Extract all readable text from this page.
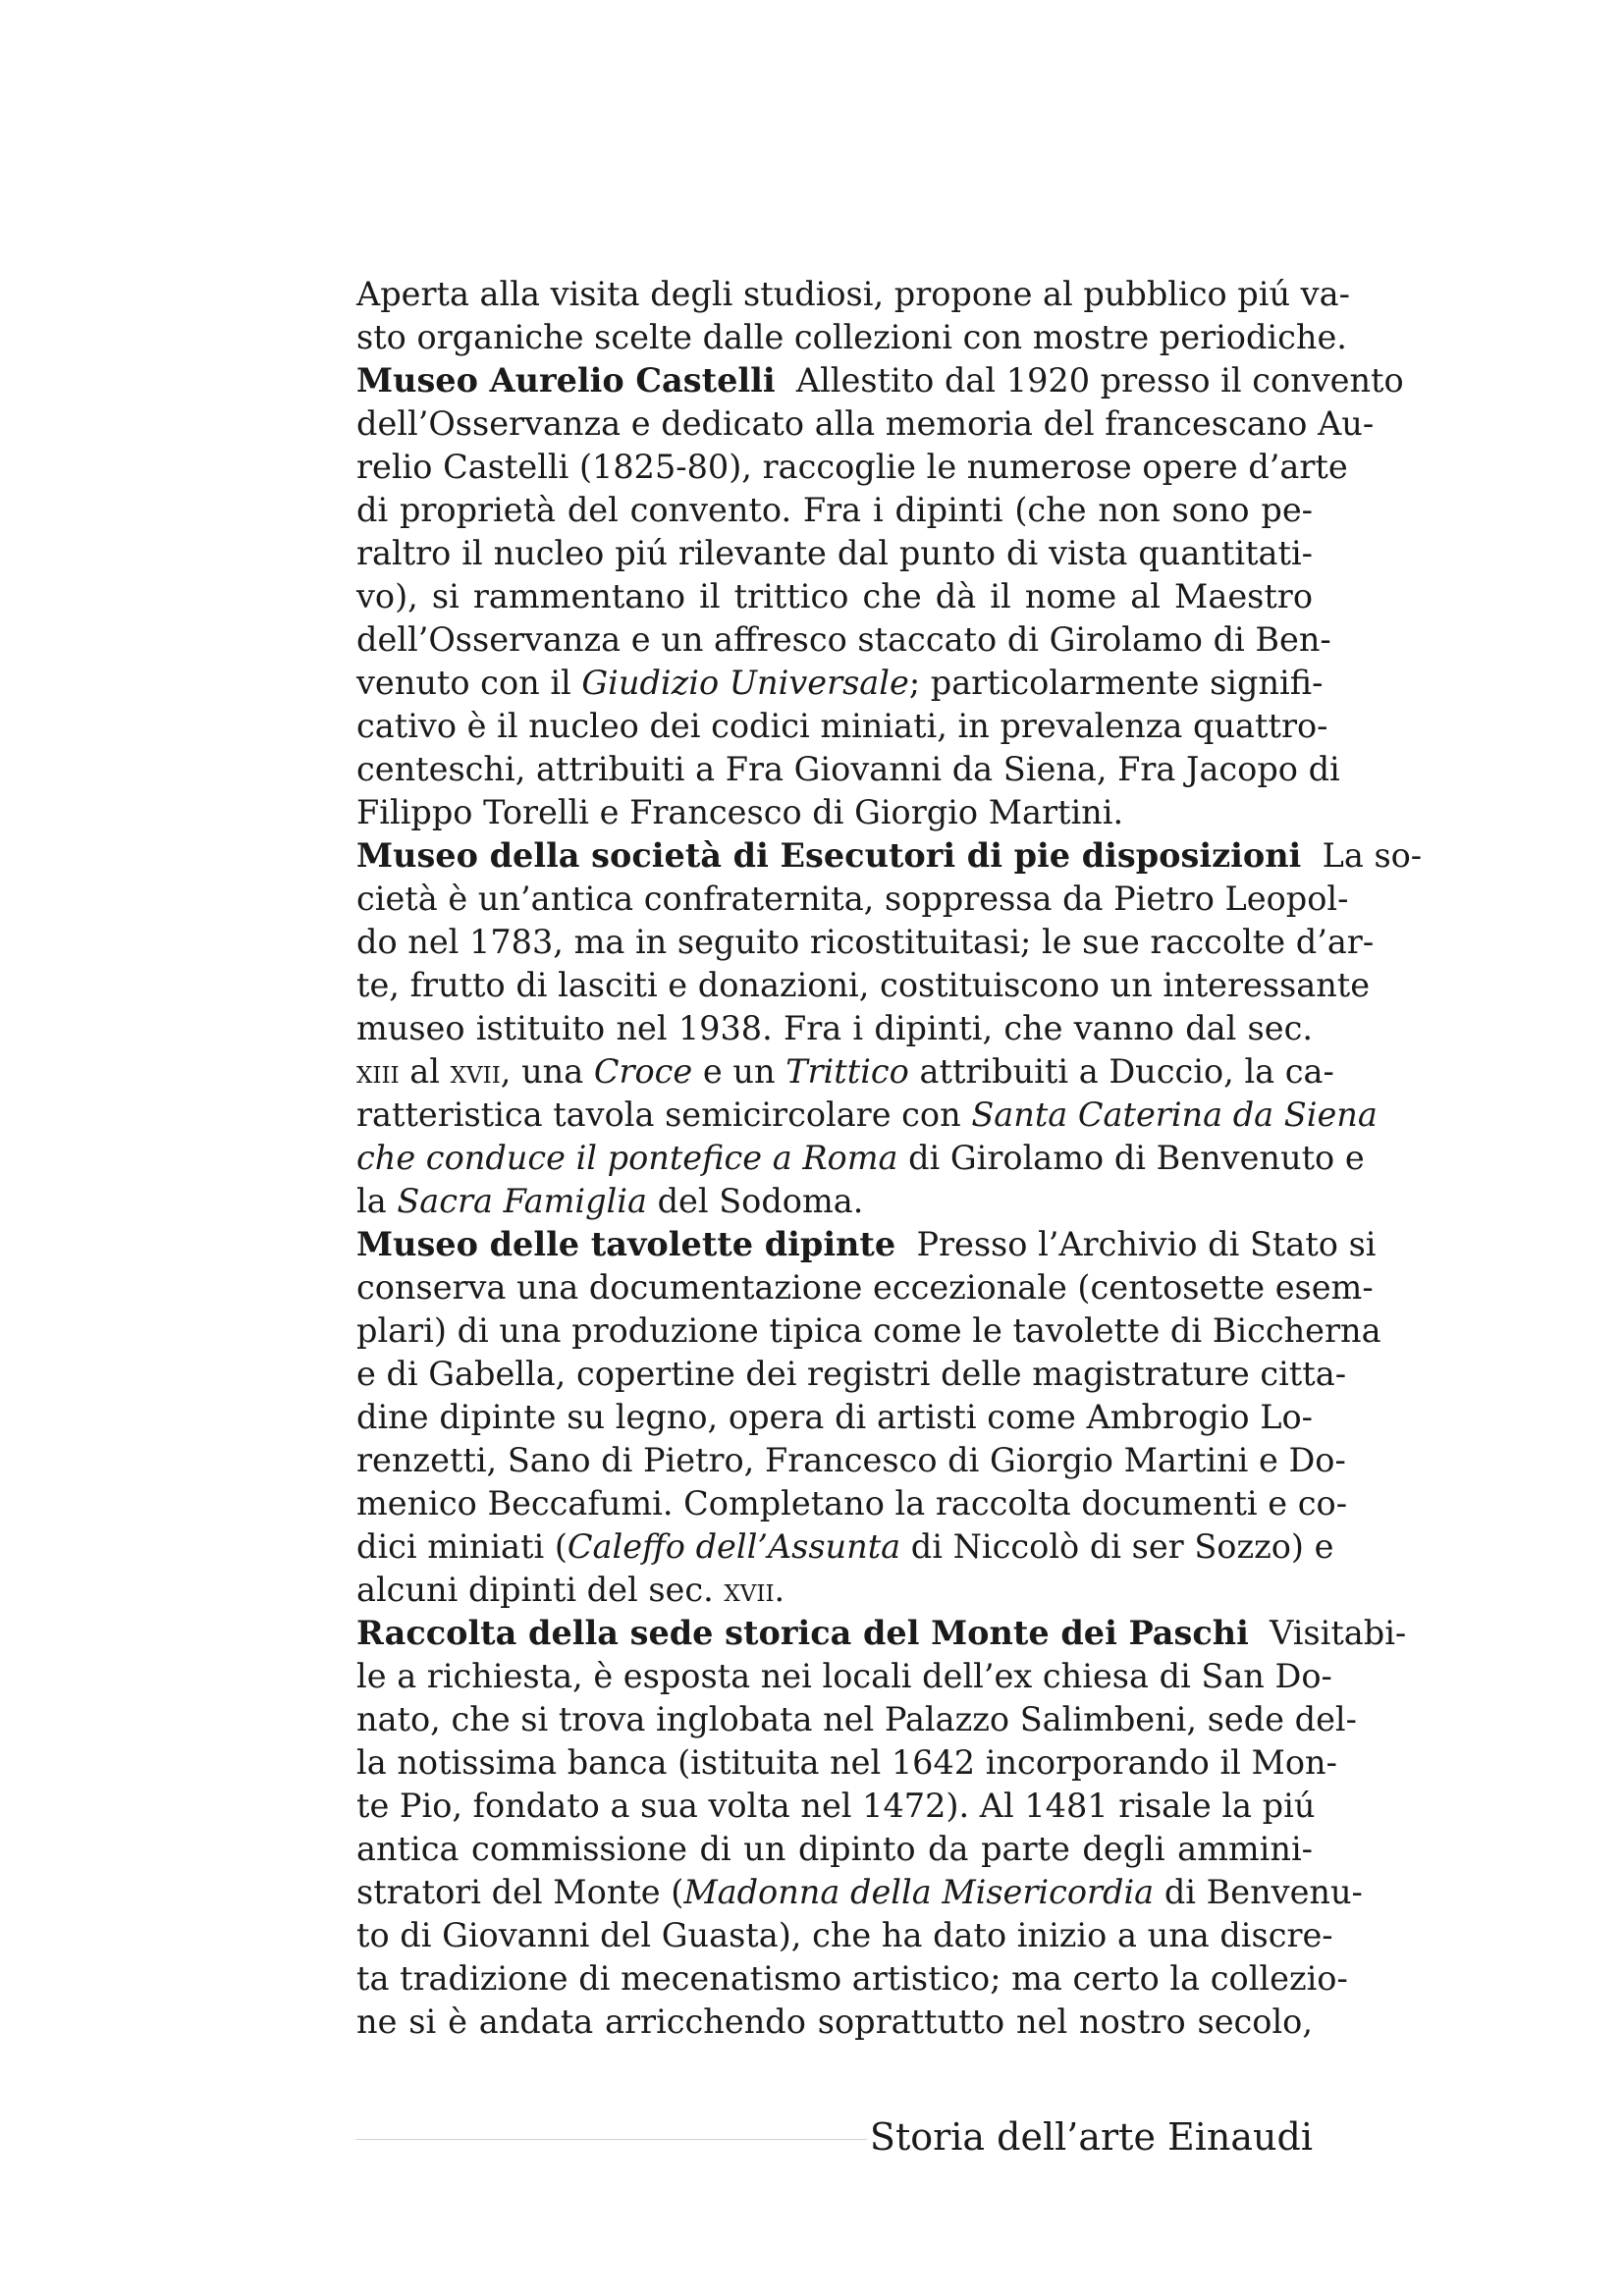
Aperta alla visita degli studiosi, propone al pubblico piú va-
sto organiche scelte dalle collezioni con mostre periodiche.
Museo Aurelio Castelli  Allestito dal 1920 presso il convento
dell’Osservanza e dedicato alla memoria del francescano Au-
relio Castelli (1825-80), raccoglie le numerose opere d’arte
di proprietà del convento. Fra i dipinti (che non sono pe-
raltro il nucleo piú rilevante dal punto di vista quantitati-
vo), si rammentano il trittico che dà il nome al Maestro
dell’Osservanza e un affresco staccato di Girolamo di Ben-
venuto con il Giudizio Universale; particolarmente signifi-
cativo è il nucleo dei codici miniati, in prevalenza quattro-
centeschi, attribuiti a Fra Giovanni da Siena, Fra Jacopo di
Filippo Torelli e Francesco di Giorgio Martini.
Museo della società di Esecutori di pie disposizioni  La so-
cietà è un’antica confraternita, soppressa da Pietro Leopol-
do nel 1783, ma in seguito ricostituitasi; le sue raccolte d’ar-
te, frutto di lasciti e donazioni, costituiscono un interessante
museo istituito nel 1938. Fra i dipinti, che vanno dal sec.
xiii al xvii, una Croce e un Trittico attribuiti a Duccio, la ca-
ratteristica tavola semicircolare con Santa Caterina da Siena
che conduce il pontefice a Roma di Girolamo di Benvenuto e
la Sacra Famiglia del Sodoma.
Museo delle tavolette dipinte  Presso l’Archivio di Stato si
conserva una documentazione eccezionale (centosette esem-
plari) di una produzione tipica come le tavolette di Biccherna
e di Gabella, copertine dei registri delle magistrature citta-
dine dipinte su legno, opera di artisti come Ambrogio Lo-
renzetti, Sano di Pietro, Francesco di Giorgio Martini e Do-
menico Beccafumi. Completano la raccolta documenti e co-
dici miniati (Caleffo dell’Assunta di Niccolò di ser Sozzo) e
alcuni dipinti del sec. xvii.
Raccolta della sede storica del Monte dei Paschi  Visitabi-
le a richiesta, è esposta nei locali dell’ex chiesa di San Do-
nato, che si trova inglobata nel Palazzo Salimbeni, sede del-
la notissima banca (istituita nel 1642 incorporando il Mon-
te Pio, fondato a sua volta nel 1472). Al 1481 risale la piú
antica commissione di un dipinto da parte degli ammini-
stratori del Monte (Madonna della Misericordia di Benvenu-
to di Giovanni del Guasta), che ha dato inizio a una discre-
ta tradizione di mecenatismo artistico; ma certo la collezio-
ne si è andata arricchendo soprattutto nel nostro secolo,
Storia dell’arte Einaudi
